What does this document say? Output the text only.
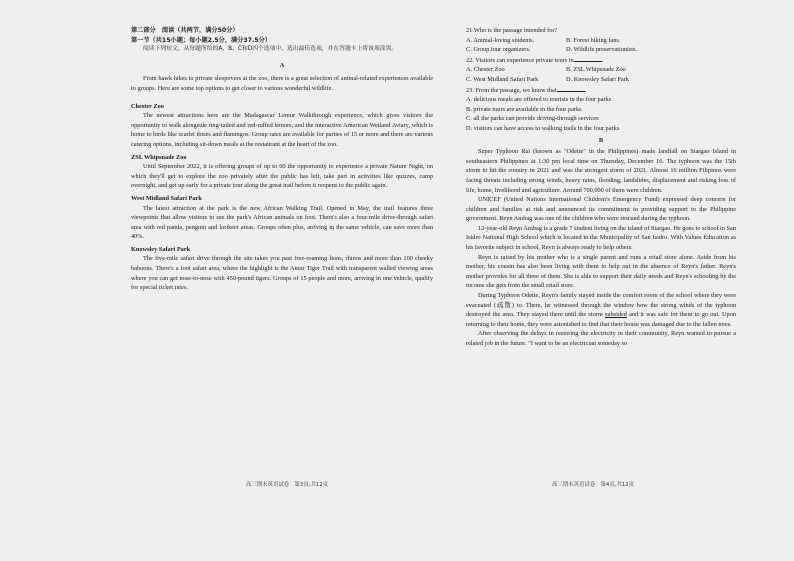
第二部分　阅读（共两节，满分50分）

第一节（共15小题；每小题2.5分，满分37.5分）

阅读下列短文，从每题所给的A、B、C和D四个选项中，选出最佳选项，并在答题卡上将该项涂黑。

A

From hawk hikes to private sleepovers at the zoo, there is a great selection of animal-related experiences available to groups. Here are some top options to get closer to various wonderful wildlife.

Chester Zoo

The newest attractions here are the Madagascar Lemur Walkthrough experience, which gives visitors the opportunity to walk alongside ring-tailed and red-ruffed lemurs, and the interactive American Wetland Aviary, which is home to birds like scarlet ibises and flamingos. Group rates are available for parties of 15 or more and there are various catering options, including sit-down meals at the restaurant at the heart of the zoo.

ZSL Whipsnade Zoo

Until September 2022, it is offering groups of up to 60 the opportunity to experience a private Nature Night, on which they'll get to explore the zoo privately after the public has left, take part in activities like quizzes, camp overnight, and get up early for a private tour along the great trail before it reopens to the public again.

West Midland Safari Park

The latest attraction at the park is the new African Walking Trail. Opened in May, the trail features three viewpoints that allow visitors to see the park's African animals on foot. There's also a four-mile drive-through safari area with red panda, penguin and lorikeet areas. Groups often plus, arriving in the same vehicle, can save more than 40%.

Knowsley Safari Park

The five-mile safari drive through the site takes you past free-roaming lions, rhinos and more than 100 cheeky baboons. There's a foot safari area, where the highlight is the Amur Tiger Trail with transparent walled viewing areas where you can get nose-to-nose with 450-pound tigers. Groups of 15 people and more, arriving in one vehicle, qualify for special ticket rates.

21.Who is the passage intended for?

A. Animal-loving students.	B. Forest hiking fans.
C. Group tour organizers.	D. Wildlife preservationists.

22. Visitors can experience private tours in	.

A. Chester Zoo	B. ZSL Whipsnade Zoo
C. West Midland Safari Park	D. Knowsley Safari Park

23. From the passage, we know that	.

A. delicious meals are offered to tourists in the four parks

B. private tours are available in the four parks

C. all the parks can provide driving-through services

D. visitors can have access to walking trails in the four parks

B

Super Typhoon Rai (known as "Odette" in the Philippines) made landfall on Siargao Island in southeastern Philippines at 1:30 pm local time on Thursday, December 16. The typhoon was the 15th storm to hit the country in 2021 and was the strongest storm of 2021. Almost 16 million Filipinos were facing threats including strong winds, heavy rains, flooding, landslides, displacement and risking loss of life, home, livelihood and agriculture. Around 700,000 of them were children.

UNICEF (United Nations International Children's Emergency Fund) expressed deep concern for children and families at risk and announced its commitment to providing support to the Philippine government. Reyn Ambag was one of the children who were rescued during the typhoon.

12-year-old Reyn Ambag is a grade 7 student living on the island of Siargao. He goes to school in San Isidro National High School which is located in the Municipality of San Isidro. With Values Education as his favorite subject in school, Reyn is always ready to help others.

Reyn is raised by his mother who is a single parent and runs a retail store alone. Aside from his mother, his cousin has also been living with them to help out in the absence of Reyn's father. Reyn's mother provides for all three of them. She is able to support their daily needs and Reyn's schooling by the income she gets from the small retail store.

During Typhoon Odette, Reyn's family stayed inside the comfort room of the school where they were evacuated (疏散) to. There, he witnessed through the window how the strong winds of the typhoon destroyed the area. They stayed there until the storm subsided and it was safe for them to go out. Upon returning to their home, they were astonished to find that their house was damaged due to the fallen trees.

After observing the delays in restoring the electricity in their community, Reyn wanted to pursue a related job in the future. "I want to be an electrician someday so

高三期末英语试卷　第3页,共12页	高三期末英语试卷　第4页,共12页
